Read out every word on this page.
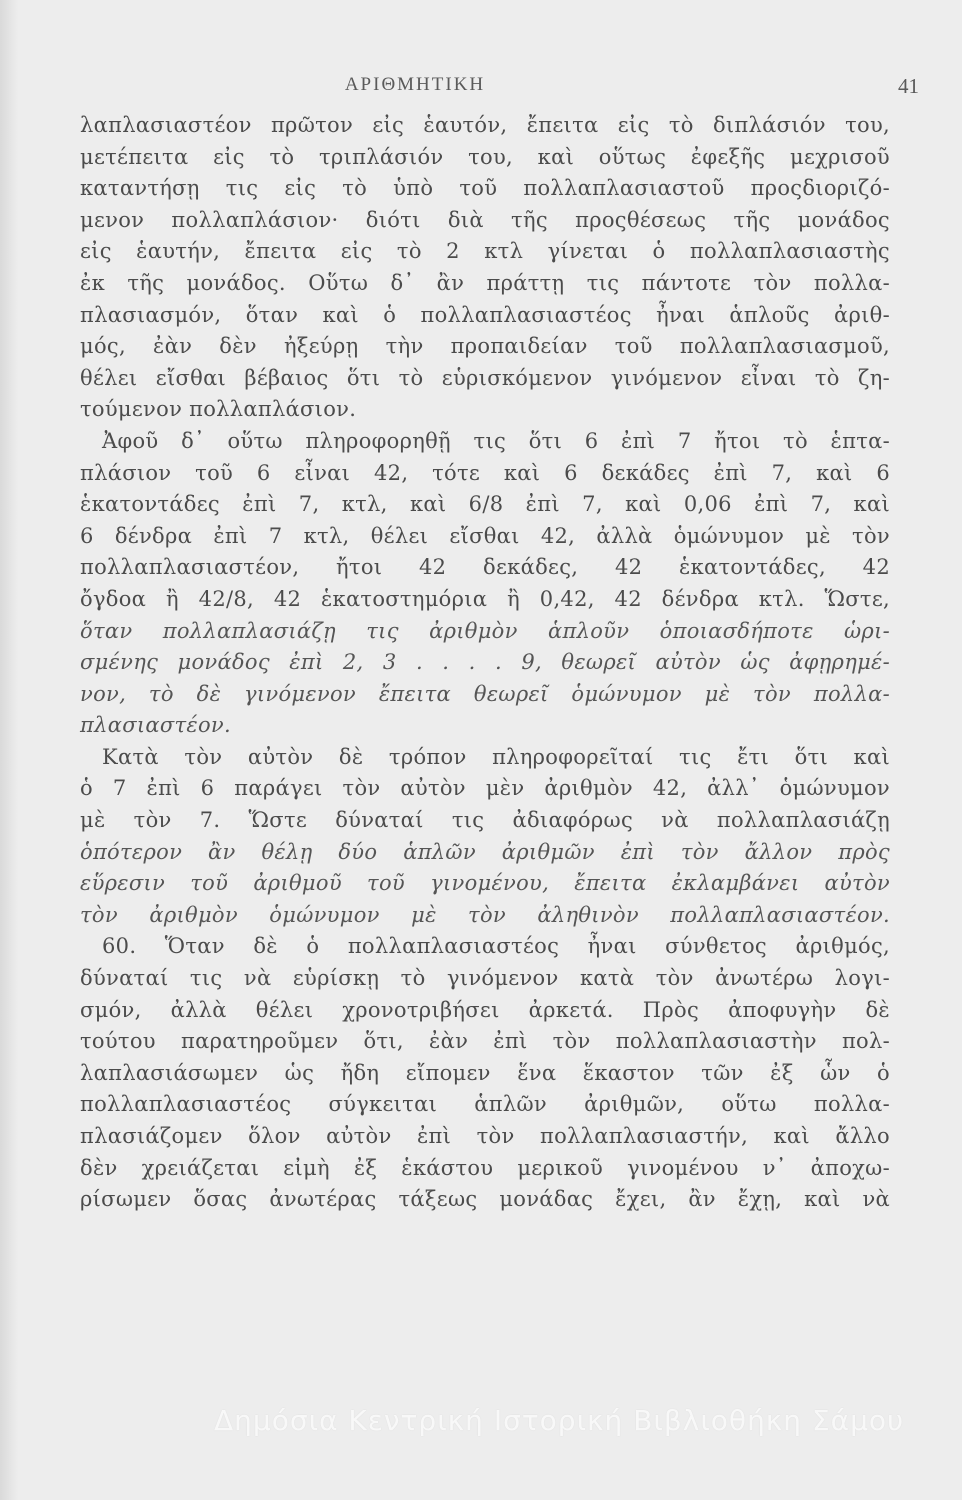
ΑΡΙΘΜΗΤΙΚΗ	41
λαπλασιαστέον πρῶτον εἰς ἑαυτόν, ἔπειτα εἰς τὸ διπλάσιόν του,
μετέπειτα εἰς τὸ τριπλάσιόν του, καὶ οὕτως ἐφεξῆς μεχρισοῦ
καταντήσῃ τις εἰς τὸ ὑπὸ τοῦ πολλαπλασιαστοῦ προςδιοριζό-
μενον πολλαπλάσιον· διότι διὰ τῆς προςθέσεως τῆς μονάδος
εἰς ἑαυτήν, ἔπειτα εἰς τὸ 2 κτλ γίνεται ὁ πολλαπλασιαστὴς
ἐκ τῆς μονάδος. Οὕτω δ᾽ ἂν πράττῃ τις πάντοτε τὸν πολλα-
πλασιασμόν, ὅταν καὶ ὁ πολλαπλασιαστέος ἦναι ἁπλοῦς ἀριθ-
μός, ἐὰν δὲν ἠξεύρῃ τὴν προπαιδείαν τοῦ πολλαπλασιασμοῦ,
θέλει εἴσθαι βέβαιος ὅτι τὸ εὑρισκόμενον γινόμενον εἶναι τὸ ζη-
τούμενον πολλαπλάσιον.
Ἀφοῦ δ᾽ οὕτω πληροφορηθῇ τις ὅτι 6 ἐπὶ 7 ἤτοι τὸ ἑπτα-
πλάσιον τοῦ 6 εἶναι 42, τότε καὶ 6 δεκάδες ἐπὶ 7, καὶ 6
ἑκατοντάδες ἐπὶ 7, κτλ, καὶ 6/8 ἐπὶ 7, καὶ 0,06 ἐπὶ 7, καὶ
6 δένδρα ἐπὶ 7 κτλ, θέλει εἴσθαι 42, ἀλλὰ ὁμώνυμον μὲ τὸν
πολλαπλασιαστέον, ἤτοι 42 δεκάδες, 42 ἑκατοντάδες, 42
ὄγδοα ἢ 42/8, 42 ἑκατοστημόρια ἢ 0,42, 42 δένδρα κτλ. Ὥστε,
ὅταν πολλαπλασιάζῃ τις ἀριθμὸν ἁπλοῦν ὁποιασδήποτε ὡρι-
σμένης μονάδος ἐπὶ 2, 3 . . . . 9, θεωρεῖ αὐτὸν ὡς ἀφῃρημέ-
νον, τὸ δὲ γινόμενον ἔπειτα θεωρεῖ ὁμώνυμον μὲ τὸν πολλα-
πλασιαστέον.
Κατὰ τὸν αὐτὸν δὲ τρόπον πληροφορεῖταί τις ἔτι ὅτι καὶ
ὁ 7 ἐπὶ 6 παράγει τὸν αὐτὸν μὲν ἀριθμὸν 42, ἀλλ᾽ ὁμώνυμον
μὲ τὸν 7. Ὥστε δύναταί τις ἀδιαφόρως νὰ πολλαπλασιάζῃ
ὁπότερον ἂν θέλῃ δύο ἁπλῶν ἀριθμῶν ἐπὶ τὸν ἄλλον πρὸς
εὕρεσιν τοῦ ἀριθμοῦ τοῦ γινομένου, ἔπειτα ἐκλαμβάνει αὐτὸν
τὸν ἀριθμὸν ὁμώνυμον μὲ τὸν ἀληθινὸν πολλαπλασιαστέον.
60. Ὅταν δὲ ὁ πολλαπλασιαστέος ἦναι σύνθετος ἀριθμός,
δύναταί τις νὰ εὑρίσκῃ τὸ γινόμενον κατὰ τὸν ἀνωτέρω λογι-
σμόν, ἀλλὰ θέλει χρονοτριβήσει ἀρκετά. Πρὸς ἀποφυγὴν δὲ
τούτου παρατηροῦμεν ὅτι, ἐὰν ἐπὶ τὸν πολλαπλασιαστὴν πολ-
λαπλασιάσωμεν ὡς ἤδη εἴπομεν ἕνα ἕκαστον τῶν ἐξ ὧν ὁ
πολλαπλασιαστέος σύγκειται ἁπλῶν ἀριθμῶν, οὕτω πολλα-
πλασιάζομεν ὅλον αὐτὸν ἐπὶ τὸν πολλαπλασιαστήν, καὶ ἄλλο
δὲν χρειάζεται εἰμὴ ἐξ ἑκάστου μερικοῦ γινομένου ν᾽ ἀποχω-
ρίσωμεν ὅσας ἀνωτέρας τάξεως μονάδας ἔχει, ἂν ἔχῃ, καὶ νὰ
Δημόσια Κεντρική Ιστορική Βιβλιοθήκη Σάμου
